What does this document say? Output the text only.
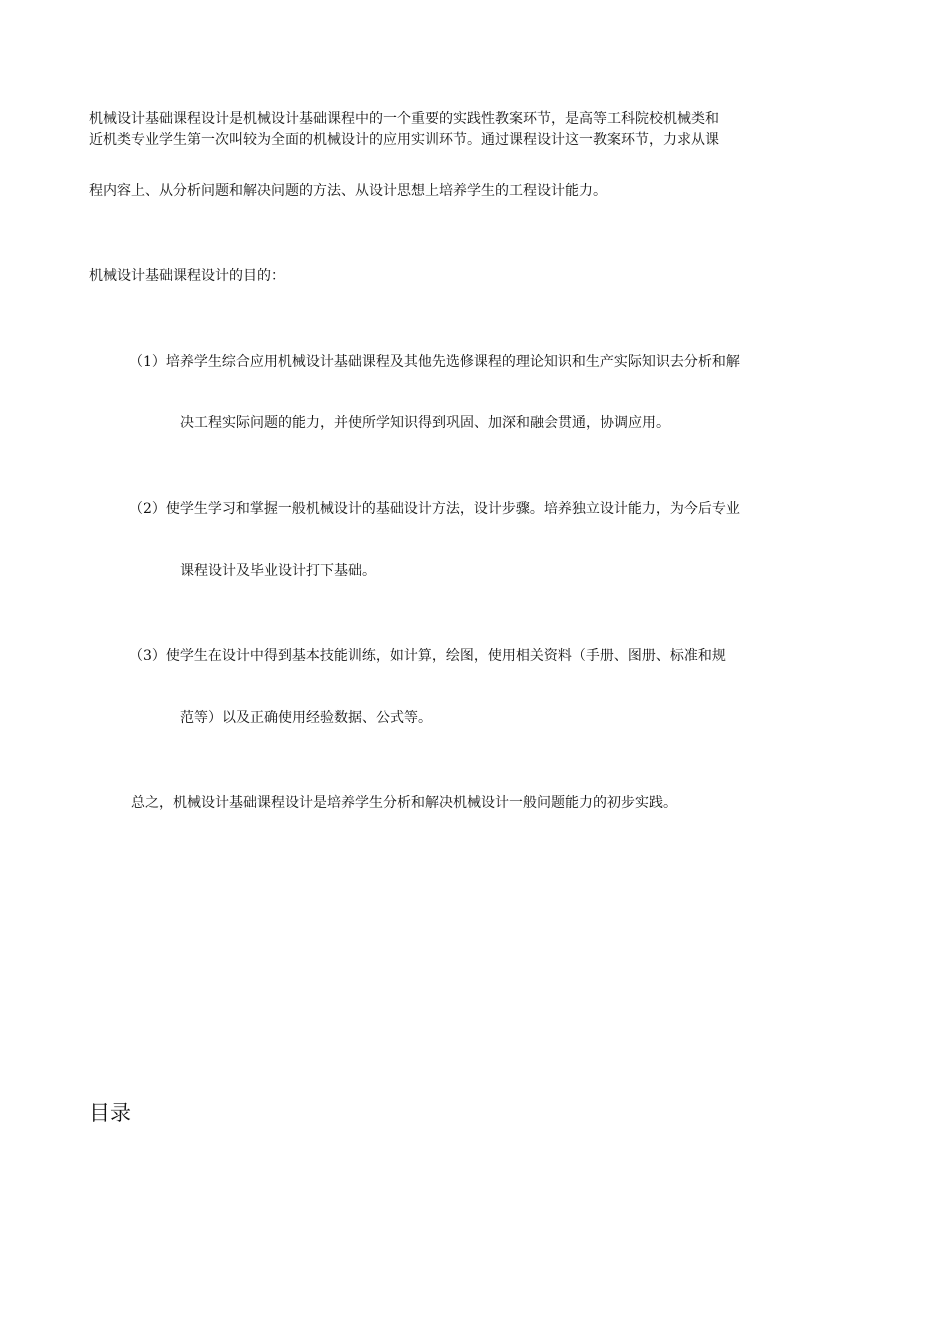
机械设计基础课程设计是机械设计基础课程中的一个重要的实践性教案环节，是高等工科院校机械类和
近机类专业学生第一次叫较为全面的机械设计的应用实训环节。通过课程设计这一教案环节，力求从课
程内容上、从分析问题和解决问题的方法、从设计思想上培养学生的工程设计能力。
机械设计基础课程设计的目的：
（1）培养学生综合应用机械设计基础课程及其他先选修课程的理论知识和生产实际知识去分析和解
决工程实际问题的能力，并使所学知识得到巩固、加深和融会贯通，协调应用。
（2）使学生学习和掌握一般机械设计的基础设计方法，设计步骤。培养独立设计能力，为今后专业
课程设计及毕业设计打下基础。
（3）使学生在设计中得到基本技能训练，如计算，绘图，使用相关资料（手册、图册、标准和规
范等）以及正确使用经验数据、公式等。
总之，机械设计基础课程设计是培养学生分析和解决机械设计一般问题能力的初步实践。
目录
